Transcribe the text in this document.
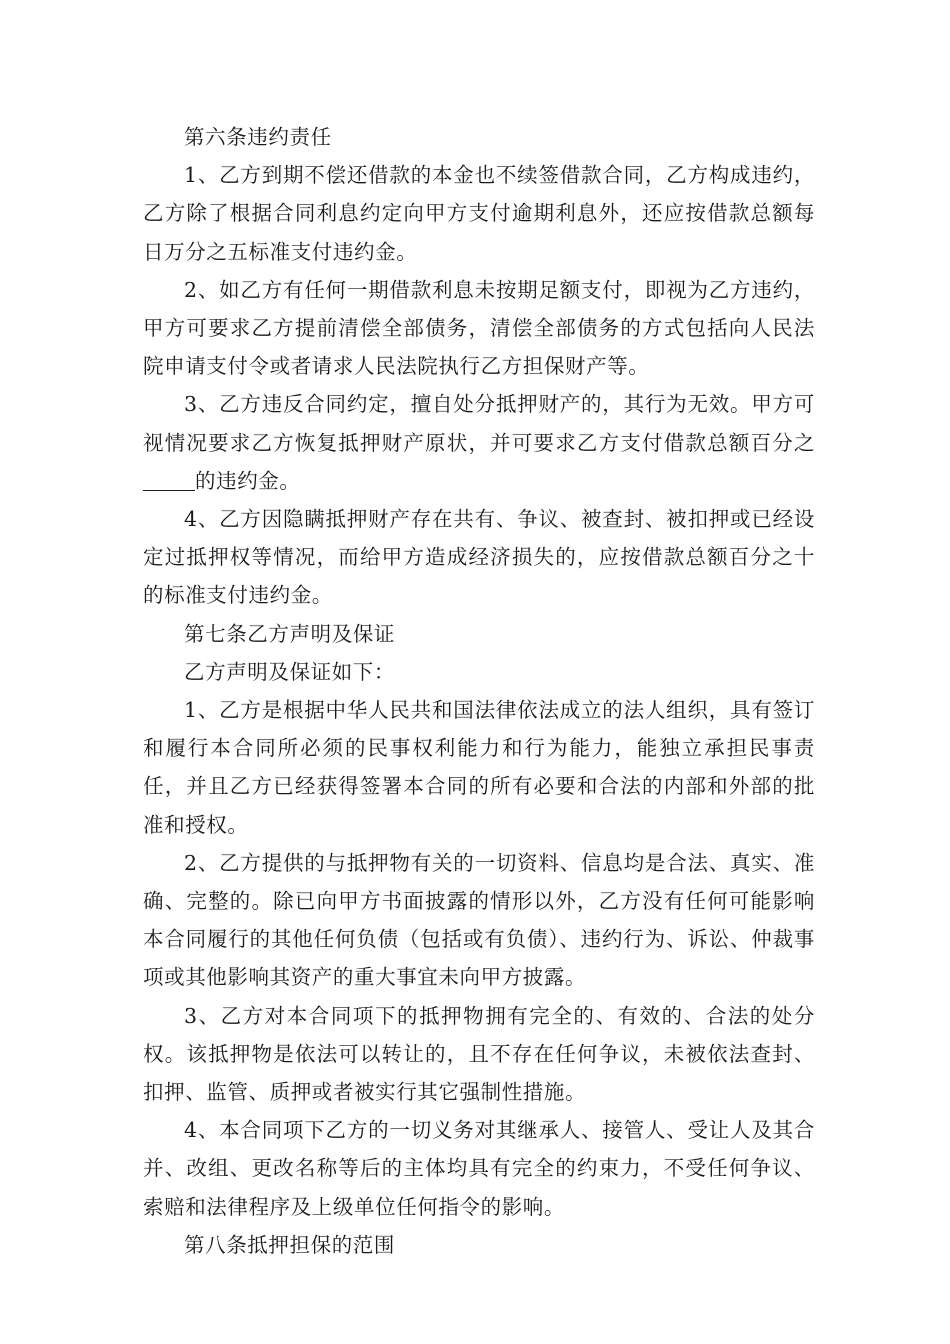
第六条违约责任

1、乙方到期不偿还借款的本金也不续签借款合同，乙方构成违约，乙方除了根据合同利息约定向甲方支付逾期利息外，还应按借款总额每日万分之五标准支付违约金。

2、如乙方有任何一期借款利息未按期足额支付，即视为乙方违约，甲方可要求乙方提前清偿全部债务，清偿全部债务的方式包括向人民法院申请支付令或者请求人民法院执行乙方担保财产等。

3、乙方违反合同约定，擅自处分抵押财产的，其行为无效。甲方可视情况要求乙方恢复抵押财产原状，并可要求乙方支付借款总额百分之的违约金。

4、乙方因隐瞒抵押财产存在共有、争议、被查封、被扣押或已经设定过抵押权等情况，而给甲方造成经济损失的，应按借款总额百分之十的标准支付违约金。

第七条乙方声明及保证

乙方声明及保证如下：

1、乙方是根据中华人民共和国法律依法成立的法人组织，具有签订和履行本合同所必须的民事权利能力和行为能力，能独立承担民事责任，并且乙方已经获得签署本合同的所有必要和合法的内部和外部的批准和授权。

2、乙方提供的与抵押物有关的一切资料、信息均是合法、真实、准确、完整的。除已向甲方书面披露的情形以外，乙方没有任何可能影响本合同履行的其他任何负债（包括或有负债）、违约行为、诉讼、仲裁事项或其他影响其资产的重大事宜未向甲方披露。

3、乙方对本合同项下的抵押物拥有完全的、有效的、合法的处分权。该抵押物是依法可以转让的，且不存在任何争议，未被依法查封、扣押、监管、质押或者被实行其它强制性措施。

4、本合同项下乙方的一切义务对其继承人、接管人、受让人及其合并、改组、更改名称等后的主体均具有完全的约束力，不受任何争议、索赔和法律程序及上级单位任何指令的影响。

第八条抵押担保的范围
